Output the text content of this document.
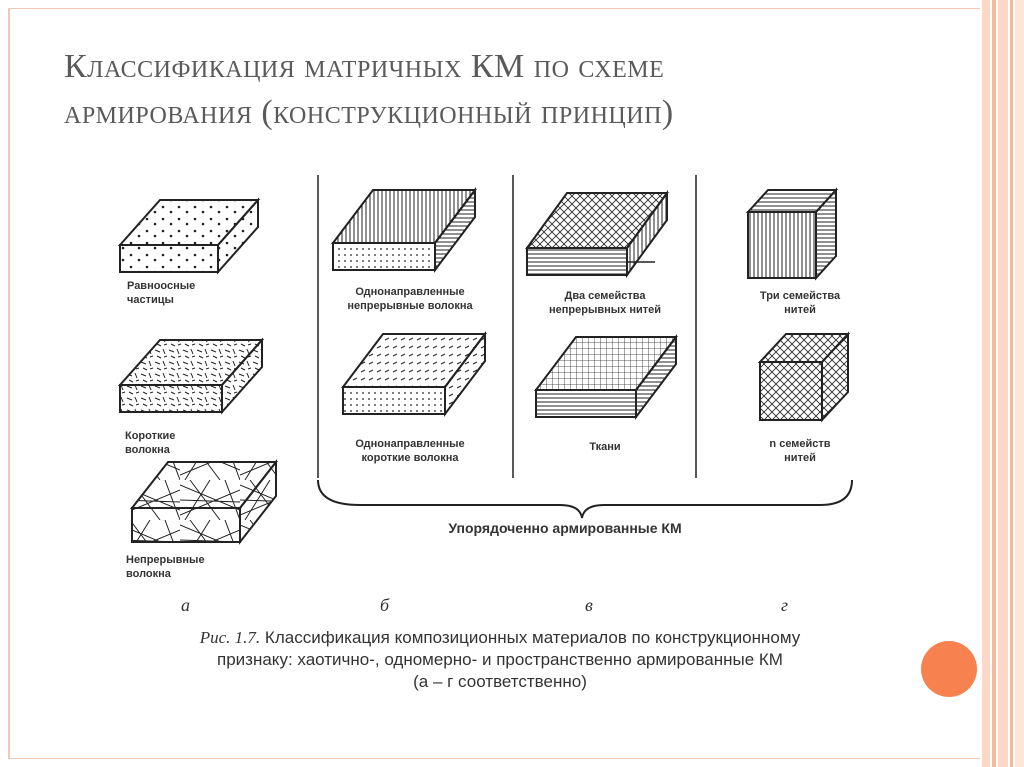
Классификация матричных КМ по схеме
армирования (конструкционный принцип)
Равноосные
частицы
Короткие
волокна
Непрерывные
волокна
Однонаправленные
непрерывные волокна
Однонаправленные
короткие волокна
Два семейства
непрерывных нитей
Ткани
Три семейства
нитей
n семейств
нитей
Упорядоченно армированные КМ
а	б	в	г
Рис. 1.7. Классификация композиционных материалов по конструкционному
признаку: хаотично-, одномерно- и пространственно армированные КМ
(а – г соответственно)
